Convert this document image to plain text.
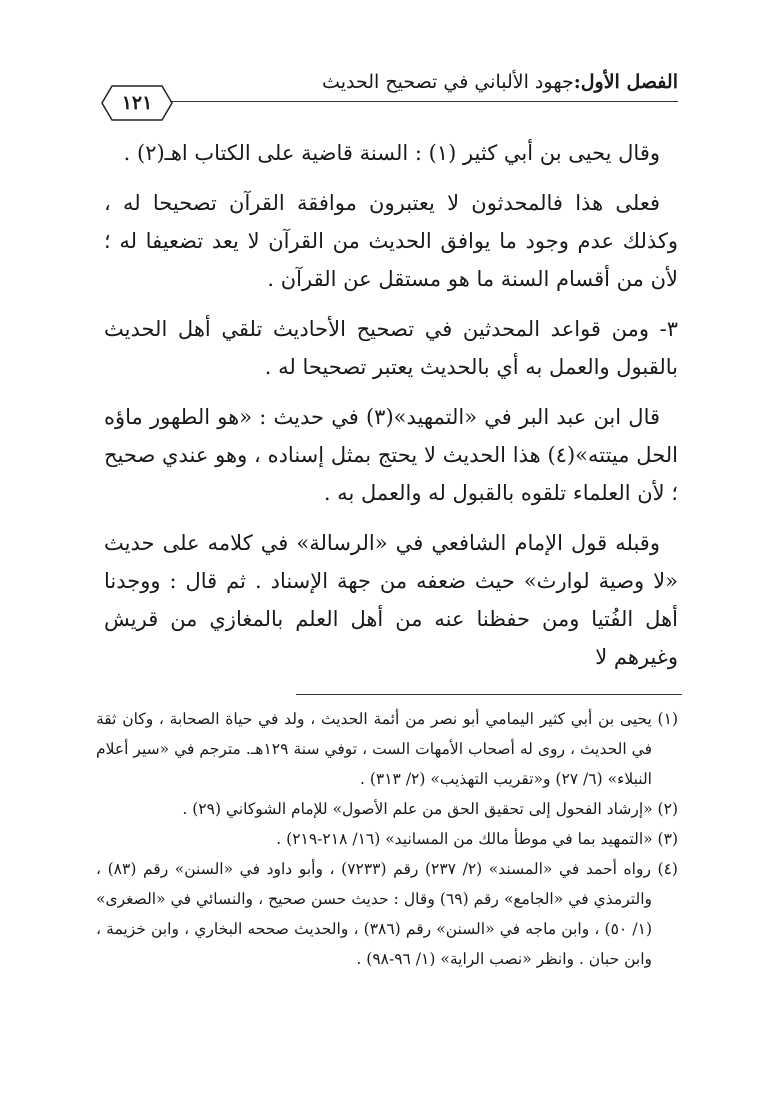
الفصل الأول:
جهود الألباني في تصحيح الحديث
١٢١

وقال يحيى بن أبي كثير (١) : السنة قاضية على الكتاب اهـ(٢) .

فعلى هذا فالمحدثون لا يعتبرون موافقة القرآن تصحيحا له ، وكذلك عدم وجود ما يوافق الحديث من القرآن لا يعد تضعيفا له ؛ لأن من أقسام السنة ما هو مستقل عن القرآن .

٣- ومن قواعد المحدثين في تصحيح الأحاديث تلقي أهل الحديث بالقبول والعمل به أي بالحديث يعتبر تصحيحا له .

قال ابن عبد البر في «التمهيد»(٣) في حديث : «هو الطهور ماؤه الحل ميتته»(٤) هذا الحديث لا يحتج بمثل إسناده ، وهو عندي صحيح ؛ لأن العلماء تلقوه بالقبول له والعمل به .

وقبله قول الإمام الشافعي في «الرسالة» في كلامه على حديث «لا وصية لوارث» حيث ضعفه من جهة الإسناد . ثم قال : ووجدنا أهل الفُتيا ومن حفظنا عنه من أهل العلم بالمغازي من قريش وغيرهم لا

(١) يحيى بن أبي كثير اليمامي أبو نصر من أئمة الحديث ، ولد في حياة الصحابة ، وكان ثقة في الحديث ، روى له أصحاب الأمهات الست ، توفي سنة ١٢٩هـ. مترجم في «سير أعلام النبلاء» (٦/ ٢٧) و«تقريب التهذيب» (٢/ ٣١٣) .

(٢) «إرشاد الفحول إلى تحقيق الحق من علم الأصول» للإمام الشوكاني (٢٩) .

(٣) «التمهيد بما في موطأ مالك من المسانيد» (١٦/ ٢١٨-٢١٩) .

(٤) رواه أحمد في «المسند» (٢/ ٢٣٧) رقم (٧٢٣٣) ، وأبو داود في «السنن» رقم (٨٣) ، والترمذي في «الجامع» رقم (٦٩) وقال : حديث حسن صحيح ، والنسائي في «الصغرى» (١/ ٥٠) ، وابن ماجه في «السنن» رقم (٣٨٦) ، والحديث صححه البخاري ، وابن خزيمة ، وابن حبان . وانظر «نصب الراية» (١/ ٩٦-٩٨) .
